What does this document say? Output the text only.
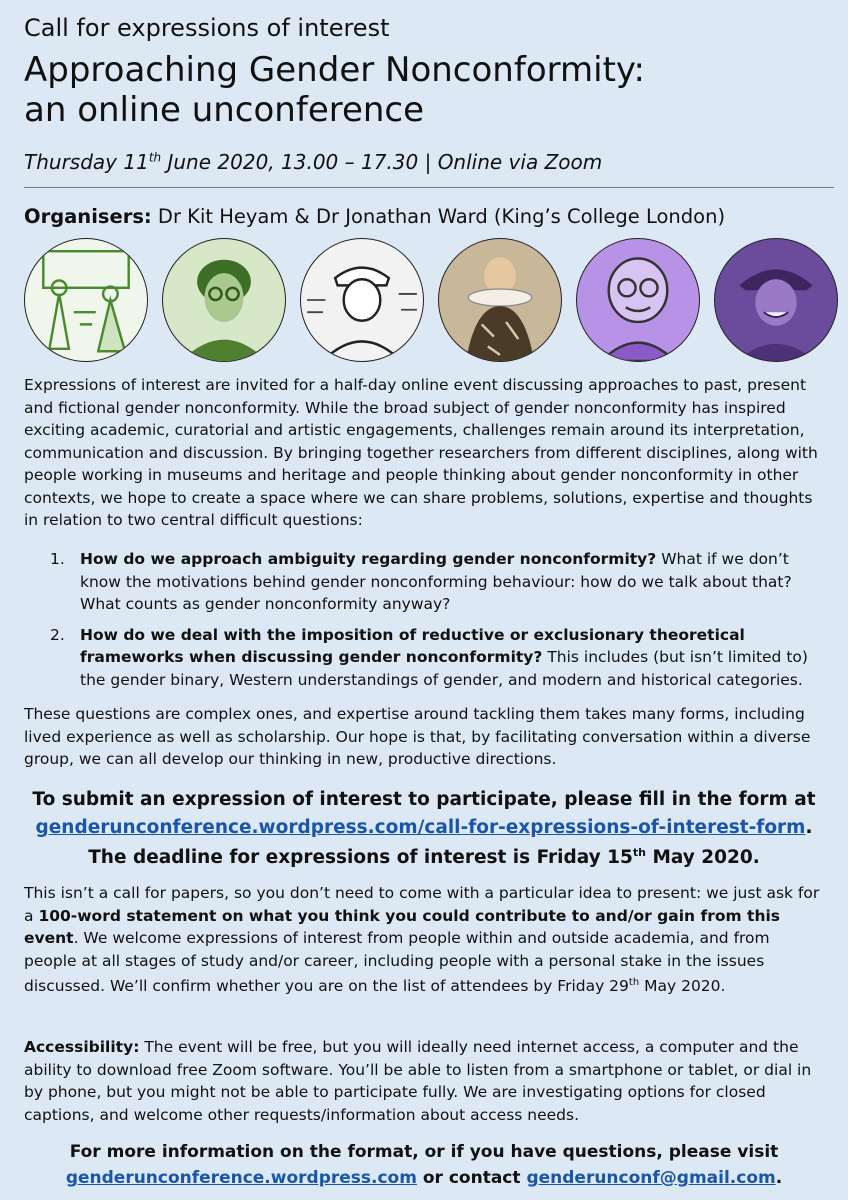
Call for expressions of interest
Approaching Gender Nonconformity:
an online unconference
Thursday 11th June 2020, 13.00 – 17.30 | Online via Zoom
Organisers: Dr Kit Heyam & Dr Jonathan Ward (King’s College London)
Expressions of interest are invited for a half-day online event discussing approaches to past, present and fictional gender nonconformity. While the broad subject of gender nonconformity has inspired exciting academic, curatorial and artistic engagements, challenges remain around its interpretation, communication and discussion. By bringing together researchers from different disciplines, along with people working in museums and heritage and people thinking about gender nonconformity in other contexts, we hope to create a space where we can share problems, solutions, expertise and thoughts in relation to two central difficult questions:
1. How do we approach ambiguity regarding gender nonconformity? What if we don’t know the motivations behind gender nonconforming behaviour: how do we talk about that? What counts as gender nonconformity anyway?
2. How do we deal with the imposition of reductive or exclusionary theoretical frameworks when discussing gender nonconformity? This includes (but isn’t limited to) the gender binary, Western understandings of gender, and modern and historical categories.
These questions are complex ones, and expertise around tackling them takes many forms, including lived experience as well as scholarship. Our hope is that, by facilitating conversation within a diverse group, we can all develop our thinking in new, productive directions.
To submit an expression of interest to participate, please fill in the form at
genderunconference.wordpress.com/call-for-expressions-of-interest-form.
The deadline for expressions of interest is Friday 15th May 2020.
This isn’t a call for papers, so you don’t need to come with a particular idea to present: we just ask for a 100-word statement on what you think you could contribute to and/or gain from this event. We welcome expressions of interest from people within and outside academia, and from people at all stages of study and/or career, including people with a personal stake in the issues discussed. We’ll confirm whether you are on the list of attendees by Friday 29th May 2020.
Accessibility: The event will be free, but you will ideally need internet access, a computer and the ability to download free Zoom software. You’ll be able to listen from a smartphone or tablet, or dial in by phone, but you might not be able to participate fully. We are investigating options for closed captions, and welcome other requests/information about access needs.
For more information on the format, or if you have questions, please visit
genderunconference.wordpress.com or contact genderunconf@gmail.com.
